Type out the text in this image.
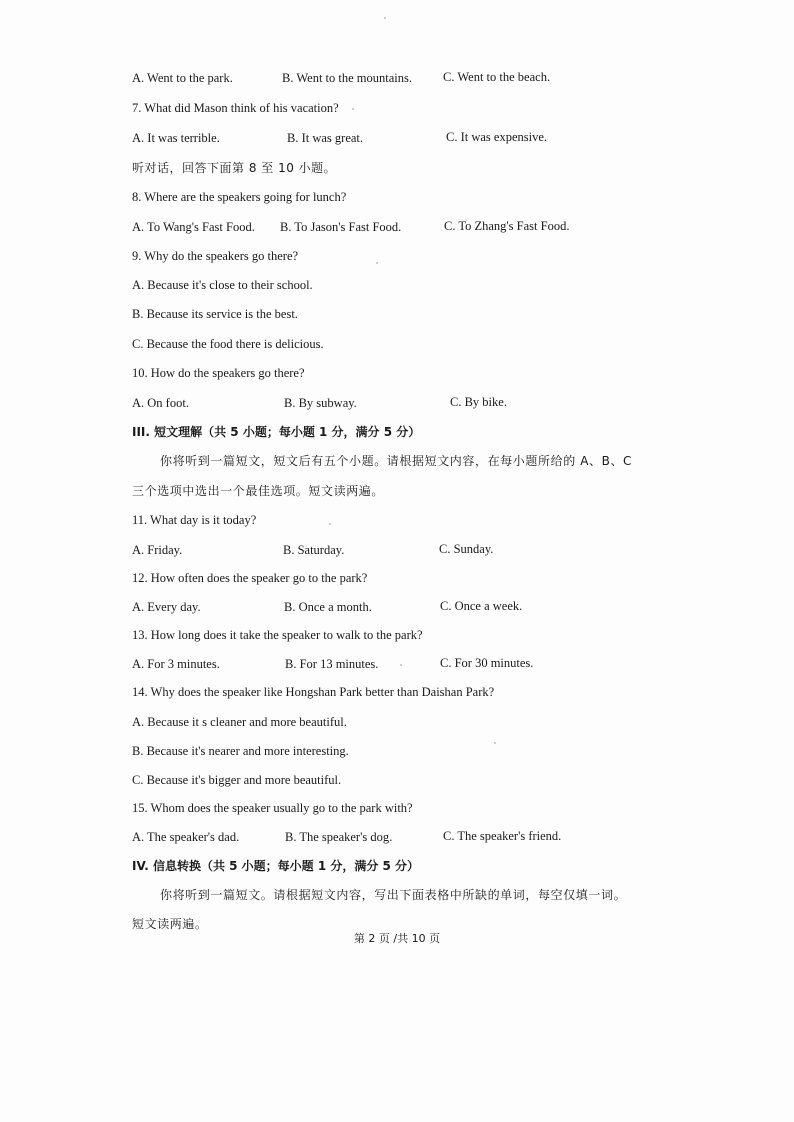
A. Went to the park.	B. Went to the mountains. C. Went to the beach.
7. What did Mason think of his vacation?
A. It was terrible.	B. It was great.	C. It was expensive.
听对话，回答下面第 8 至 10 小题。
8. Where are the speakers going for lunch?
A. To Wang's Fast Food. B. To Jason's Fast Food.	C. To Zhang's Fast Food.
9. Why do the speakers go there?
A. Because it's close to their school.
B. Because its service is the best.
C. Because the food there is delicious.
10. How do the speakers go there?
A. On foot.	B. By subway.	C. By bike.
III. 短文理解（共 5 小题；每小题 1 分，满分 5 分）
你将听到一篇短文，短文后有五个小题。请根据短文内容，在每小题所给的 A、B、C
三个选项中选出一个最佳选项。短文读两遍。
11. What day is it today?
A. Friday.	B. Saturday.	C. Sunday.
12. How often does the speaker go to the park?
A. Every day.	B. Once a month.	C. Once a week.
13. How long does it take the speaker to walk to the park?
A. For 3 minutes.	B. For 13 minutes.	C. For 30 minutes.
14. Why does the speaker like Hongshan Park better than Daishan Park?
A. Because it s cleaner and more beautiful.
B. Because it's nearer and more interesting.
C. Because it's bigger and more beautiful.
15. Whom does the speaker usually go to the park with?
A. The speaker's dad.	B. The speaker's dog.	C. The speaker's friend.
IV. 信息转换（共 5 小题；每小题 1 分，满分 5 分）
你将听到一篇短文。请根据短文内容，写出下面表格中所缺的单词，每空仅填一词。
短文读两遍。
第 2 页 /共 10 页
